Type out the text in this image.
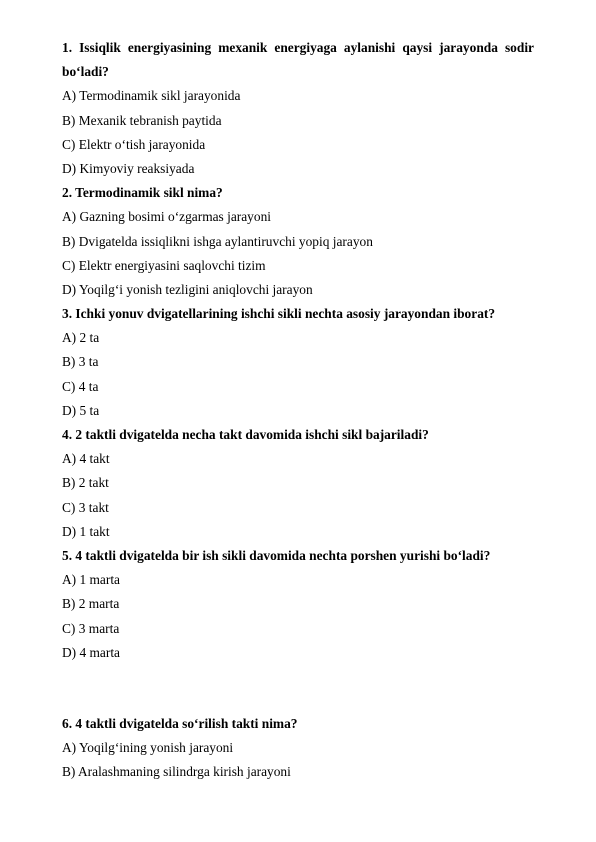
1. Issiqlik energiyasining mexanik energiyaga aylanishi qaysi jarayonda sodir bo‘ladi?
A) Termodinamik sikl jarayonida
B) Mexanik tebranish paytida
C) Elektr o‘tish jarayonida
D) Kimyoviy reaksiyada
2. Termodinamik sikl nima?
A) Gazning bosimi o‘zgarmas jarayoni
B) Dvigatelda issiqlikni ishga aylantiruvchi yopiq jarayon
C) Elektr energiyasini saqlovchi tizim
D) Yoqilg‘i yonish tezligini aniqlovchi jarayon
3. Ichki yonuv dvigatellarining ishchi sikli nechta asosiy jarayondan iborat?
A) 2 ta
B) 3 ta
C) 4 ta
D) 5 ta
4. 2 taktli dvigatelda necha takt davomida ishchi sikl bajariladi?
A) 4 takt
B) 2 takt
C) 3 takt
D) 1 takt
5. 4 taktli dvigatelda bir ish sikli davomida nechta porshen yurishi bo‘ladi?
A) 1 marta
B) 2 marta
C) 3 marta
D) 4 marta
6. 4 taktli dvigatelda so‘rilish takti nima?
A) Yoqilg‘ining yonish jarayoni
B) Aralashmaning silindrga kirish jarayoni
